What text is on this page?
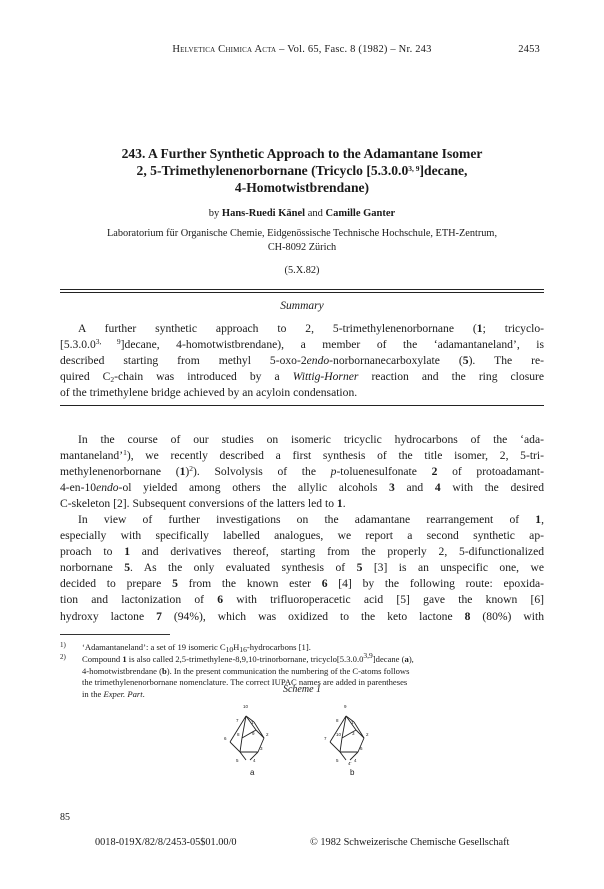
Helvetica Chimica Acta – Vol. 65, Fasc. 8 (1982) – Nr. 243	2453
243. A Further Synthetic Approach to the Adamantane Isomer
2, 5-Trimethylenenorbornane (Tricyclo [5.3.0.0$^{3, 9}$]decane,
4-Homotwistbrendane)
by Hans-Ruedi Känel and Camille Ganter
Laboratorium für Organische Chemie, Eidgenössische Technische Hochschule, ETH-Zentrum,
CH-8092 Zürich
(5.X.82)
Summary
A further synthetic approach to 2, 5-trimethylenenorbornane (1; tricyclo-
[5.3.0.0$^{3, 9}$]decane, 4-homotwistbrendane), a member of the ‘adamantaneland’, is
described starting from methyl 5-oxo-2endo-norbornanecarboxylate (5). The re-
quired $C_2$-chain was introduced by a Wittig-Horner reaction and the ring closure
of the trimethylene bridge achieved by an acyloin condensation.
In the course of our studies on isomeric tricyclic hydrocarbons of the ‘ada-
mantaneland’$^1$), we recently described a first synthesis of the title isomer, 2, 5-tri-
methylenenorbornane $(1)^2$). Solvolysis of the p-toluenesulfonate 2 of protoadamant-
4-en-10endo-ol yielded among others the allylic alcohols 3 and 4 with the desired
C-skeleton [2]. Subsequent conversions of the latters led to 1.
In view of further investigations on the adamantane rearrangement of 1,
especially with specifically labelled analogues, we report a second synthetic ap-
proach to 1 and derivatives thereof, starting from the properly 2, 5-difunctionalized
norbornane 5. As the only evaluated synthesis of 5 [3] is an unspecific one, we
decided to prepare 5 from the known ester 6 [4] by the following route: epoxida-
tion and lactonization of 6 with trifluoroperacetic acid [5] gave the known [6]
hydroxy lactone 7 (94%), which was oxidized to the keto lactone 8 (80%) with
1) ‘Adamantaneland’: a set of 19 isomeric $C_{10}H_{16}$-hydrocarbons [1].
2) Compound 1 is also called 2,5-trimethylene-8,9,10-trinorbornane, tricyclo[5.3.0.0$^{3,9}$]decane (a),
4-homotwistbrendane (b). In the present communication the numbering of the C-atoms follows
the trimethylenenorbornane nomenclature. The correct IUPAC names are added in parentheses
in the Exper. Part.	Scheme 1
10
7	1
2
6
8	9
3
5	4
9
8	1
2
7
10 3
6
5
4'
4
a	b
85
0018-019X/82/8/2453-05$01.00/0	© 1982 Schweizerische Chemische Gesellschaft
